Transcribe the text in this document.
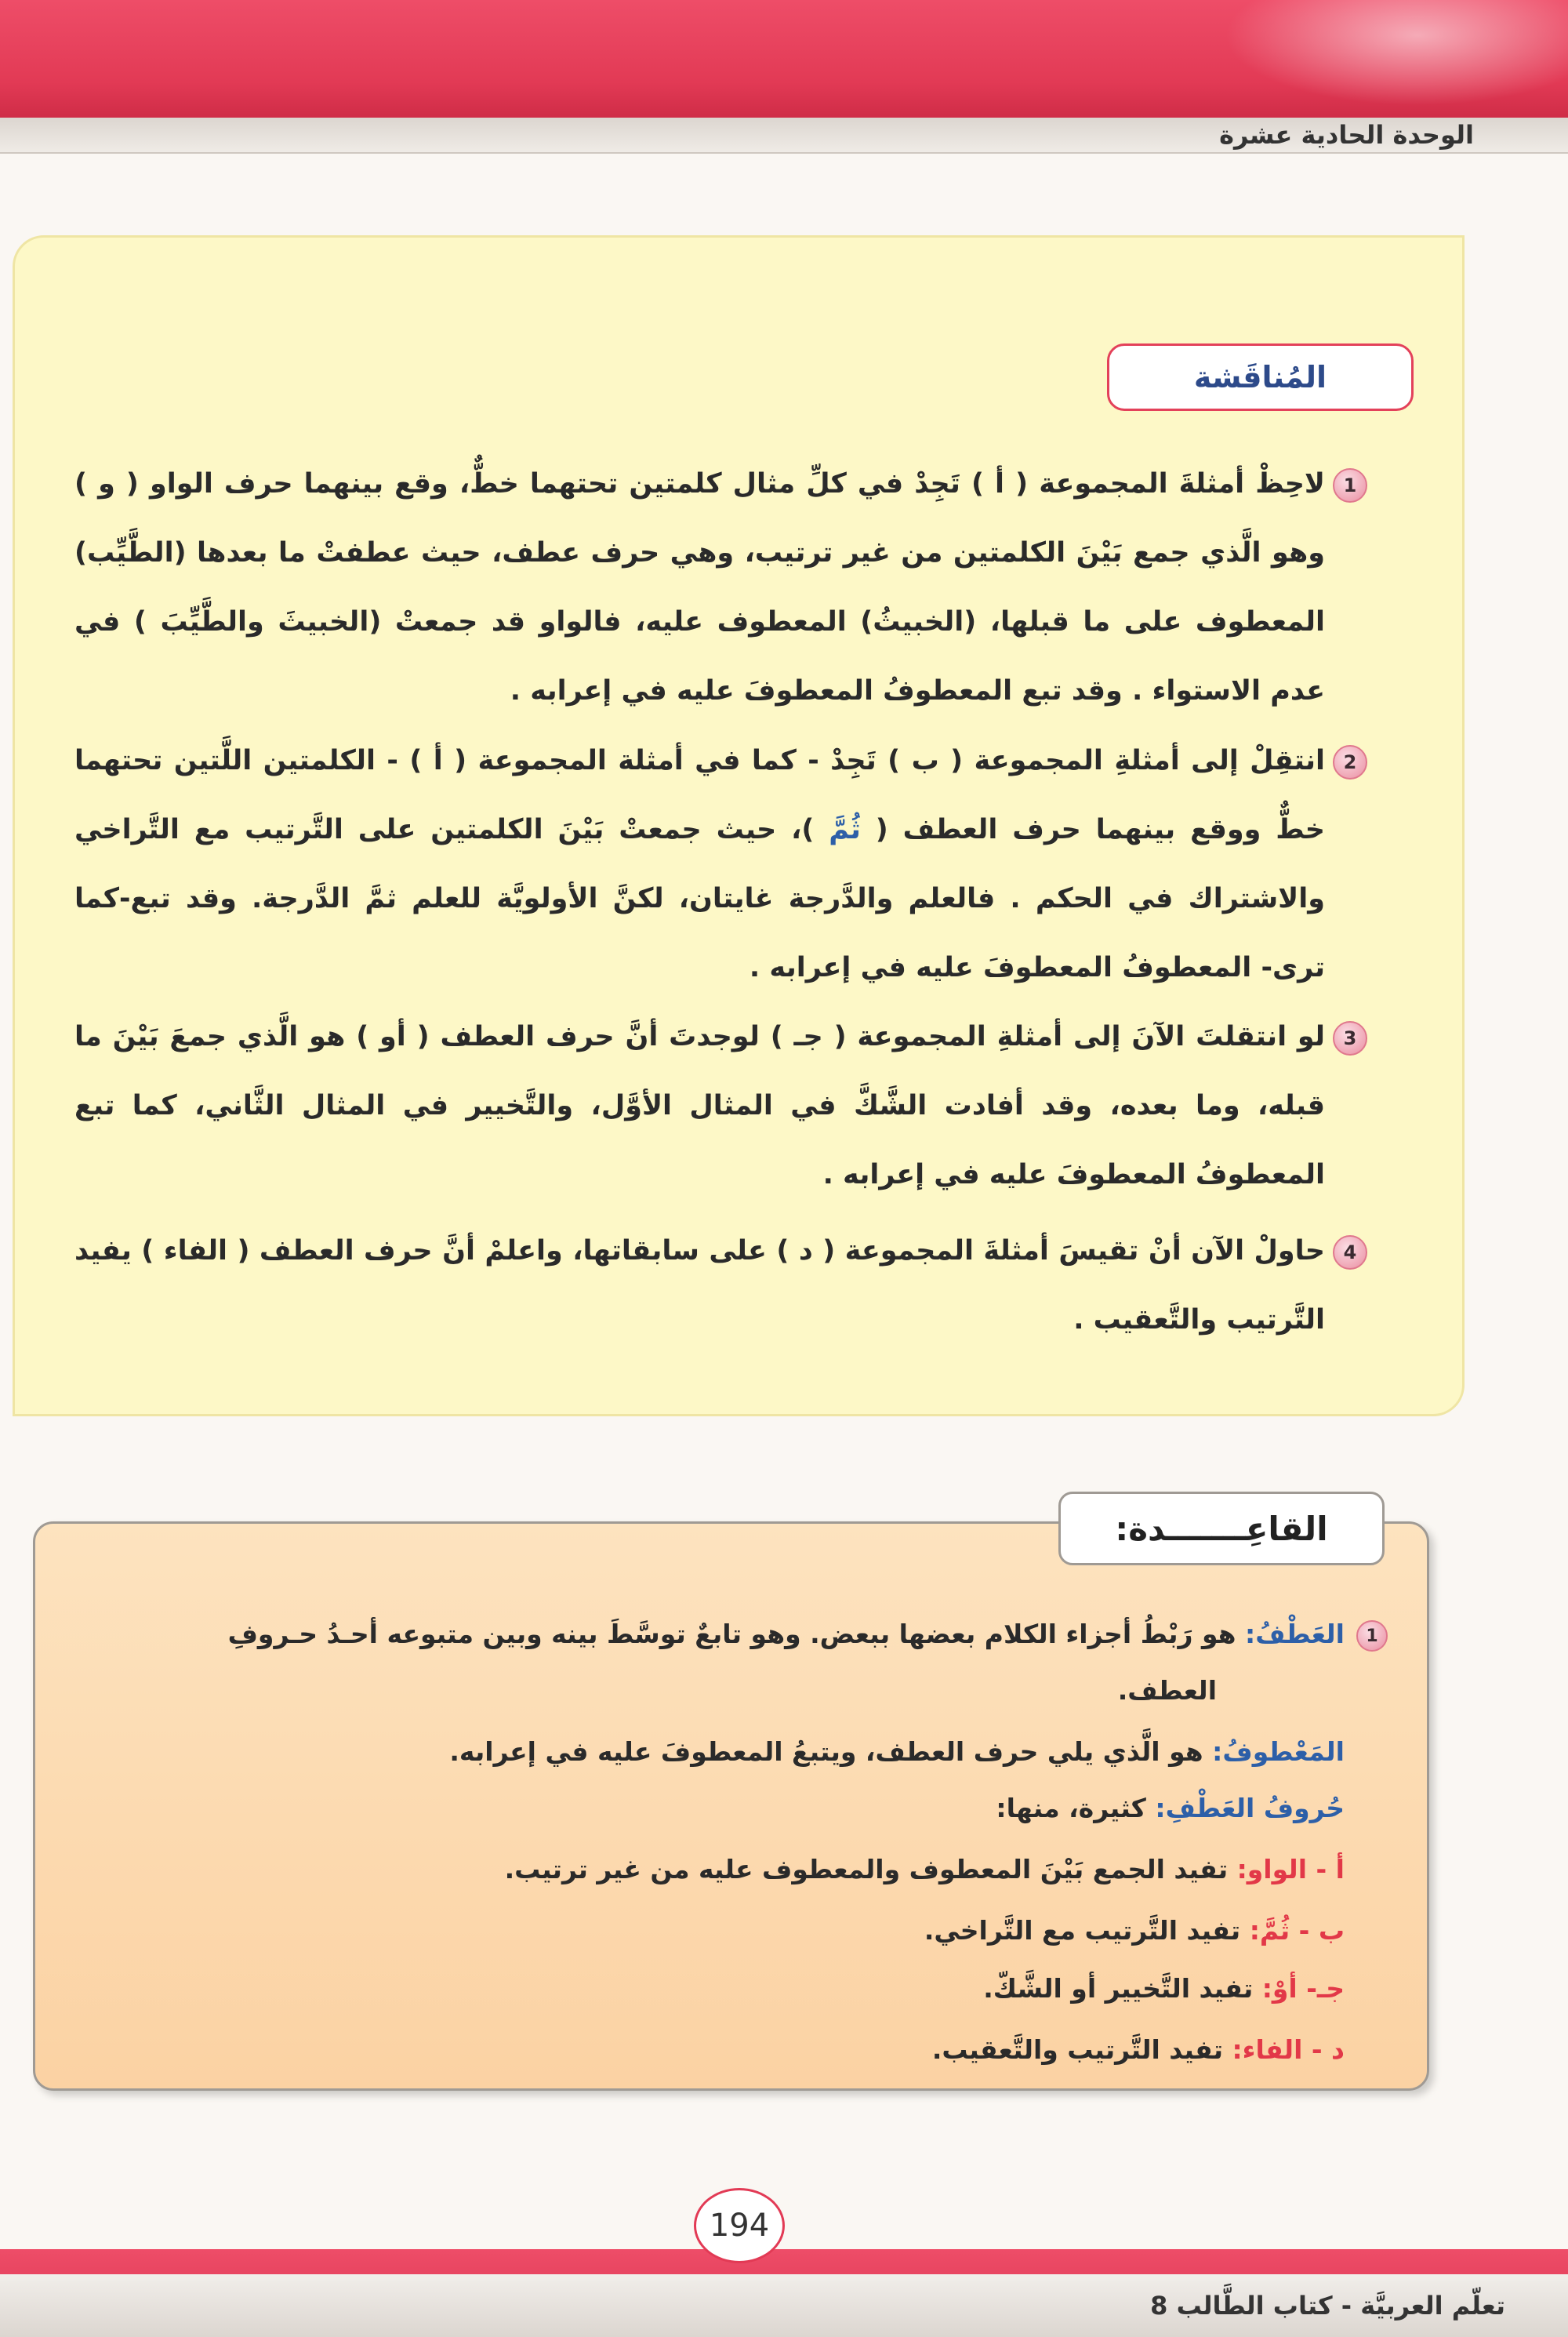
الوحدة الحادية عشرة
المُناقَشة
1
لاحِظْ أمثلةَ المجموعة ( أ ) تَجِدْ في كلِّ مثال كلمتين تحتهما خطٌّ، وقع بينهما حرف الواو ( و ) وهو الَّذي جمع بَيْنَ الكلمتين من غير ترتيب، وهي حرف عطف، حيث عطفتْ ما بعدها (الطَّيِّب) المعطوف على ما قبلها، (الخبيثُ) المعطوف عليه، فالواو قد جمعتْ (الخبيثَ والطَّيِّبَ ) في عدم الاستواء . وقد تبع المعطوفُ المعطوفَ عليه في إعرابه .
2
انتقِلْ إلى أمثلةِ المجموعة ( ب ) تَجِدْ - كما في أمثلة المجموعة ( أ ) - الكلمتين اللَّتين تحتهما خطٌّ ووقع بينهما حرف العطف ( ثُمَّ )، حيث جمعتْ بَيْنَ الكلمتين على التَّرتيب مع التَّراخي والاشتراك في الحكم . فالعلم والدَّرجة غايتان، لكنَّ الأولويَّة للعلم ثمَّ الدَّرجة. وقد تبع-كما ترى- المعطوفُ المعطوفَ عليه في إعرابه .
3
لو انتقلتَ الآنَ إلى أمثلةِ المجموعة ( جـ ) لوجدتَ أنَّ حرف العطف ( أو ) هو الَّذي جمعَ بَيْنَ ما قبله، وما بعده، وقد أفادت الشَّكَّ في المثال الأوَّل، والتَّخيير في المثال الثَّاني، كما تبع المعطوفُ المعطوفَ عليه في إعرابه .
4
حاولْ الآن أنْ تقيسَ أمثلةَ المجموعة ( د ) على سابقاتها، واعلمْ أنَّ حرف العطف ( الفاء ) يفيد التَّرتيب والتَّعقيب .
القاعِـــــــدة:
1
العَطْفُ: هو رَبْطُ أجزاء الكلام بعضها ببعض. وهو تابعٌ توسَّطَ بينه وبين متبوعه أحـدُ حـروفِ
العطف.
المَعْطوفُ: هو الَّذي يلي حرف العطف، ويتبعُ المعطوفَ عليه في إعرابه.
حُروفُ العَطْفِ: كثيرة، منها:
أ - الواو: تفيد الجمع بَيْنَ المعطوف والمعطوف عليه من غير ترتيب.
ب - ثُمَّ: تفيد التَّرتيب مع التَّراخي.
جـ- أوْ: تفيد التَّخيير أو الشَّكّ.
د - الفاء: تفيد التَّرتيب والتَّعقيب.
194
تعلّم العربيَّة - كتاب الطَّالب 8
